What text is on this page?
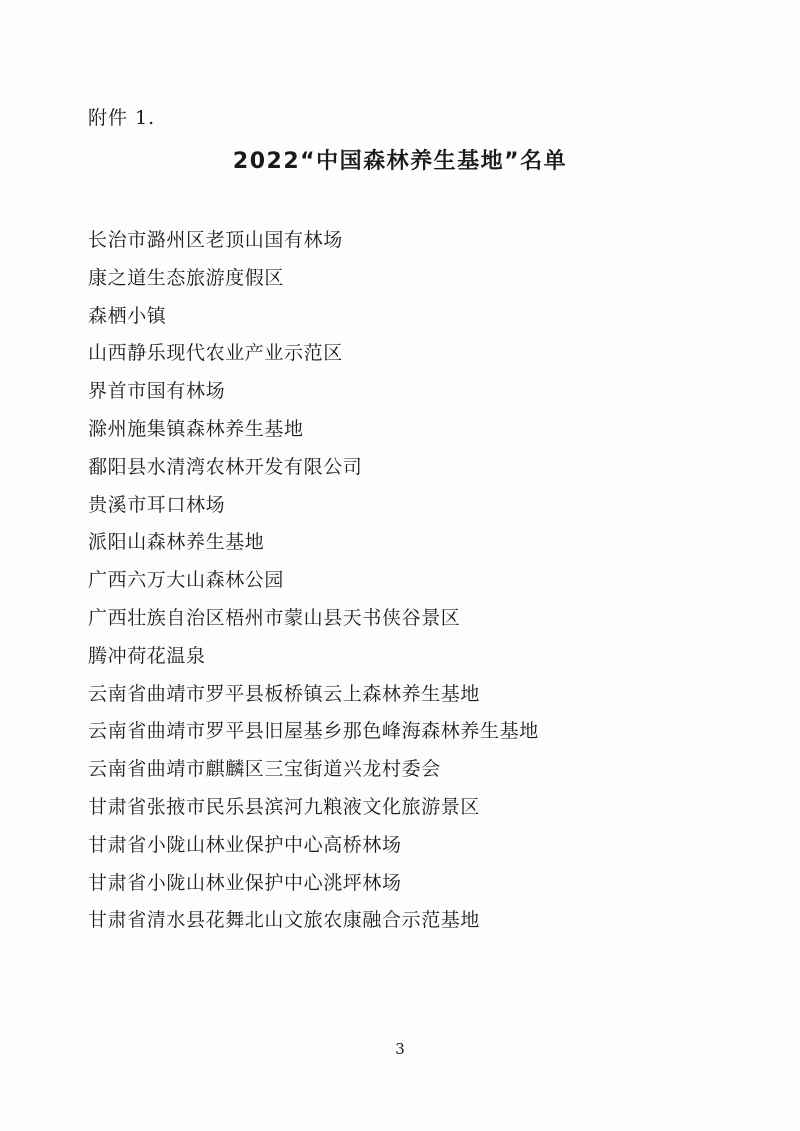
附件 1.
2022“中国森林养生基地”名单
长治市潞州区老顶山国有林场
康之道生态旅游度假区
森栖小镇
山西静乐现代农业产业示范区
界首市国有林场
滁州施集镇森林养生基地
鄱阳县水清湾农林开发有限公司
贵溪市耳口林场
派阳山森林养生基地
广西六万大山森林公园
广西壮族自治区梧州市蒙山县天书侠谷景区
腾冲荷花温泉
云南省曲靖市罗平县板桥镇云上森林养生基地
云南省曲靖市罗平县旧屋基乡那色峰海森林养生基地
云南省曲靖市麒麟区三宝街道兴龙村委会
甘肃省张掖市民乐县滨河九粮液文化旅游景区
甘肃省小陇山林业保护中心高桥林场
甘肃省小陇山林业保护中心洮坪林场
甘肃省清水县花舞北山文旅农康融合示范基地
3
